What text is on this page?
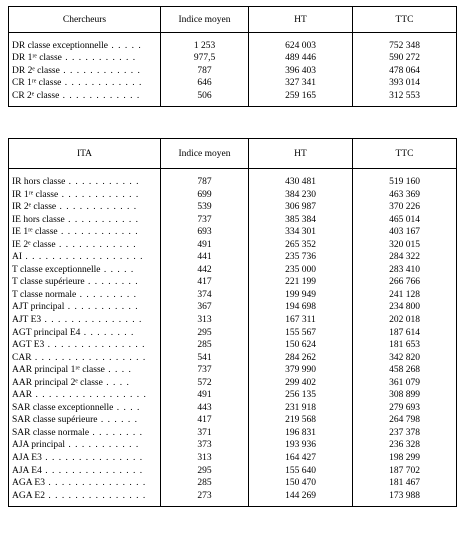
Chercheurs	Indice moyen	HT	TTC
DR classe exceptionnelle . . . . .	1 253	624 003	752 348
DR 1ʳᵉ classe . . . . . . . . . . .	977,5	489 446	590 272
DR 2ᵉ classe . . . . . . . . . . . .	787	396 403	478 064
CR 1ʳᵉ classe . . . . . . . . . . . .	646	327 341	393 014
CR 2ᵉ classe . . . . . . . . . . . .	506	259 165	312 553
ITA	Indice moyen	HT	TTC
IR hors classe . . . . . . . . . . .	787	430 481	519 160
IR 1ʳᵉ classe . . . . . . . . . . . .	699	384 230	463 369
IR 2ᵉ classe . . . . . . . . . . . .	539	306 987	370 226
IE hors classe . . . . . . . . . . .	737	385 384	465 014
IE 1ʳᵉ classe . . . . . . . . . . . .	693	334 301	403 167
IE 2ᵉ classe . . . . . . . . . . . .	491	265 352	320 015
AI . . . . . . . . . . . . . . . . . .	441	235 736	284 322
T classe exceptionnelle . . . . .	442	235 000	283 410
T classe supérieure . . . . . . . .	417	221 199	266 766
T classe normale . . . . . . . . .	374	199 949	241 128
AJT principal . . . . . . . . . . .	367	194 698	234 800
AJT E3 . . . . . . . . . . . . . . .	313	167 311	202 018
AGT principal E4 . . . . . . . .	295	155 567	187 614
AGT E3 . . . . . . . . . . . . . . .	285	150 624	181 653
CAR . . . . . . . . . . . . . . . . .	541	284 262	342 820
AAR principal 1ʳᵉ classe . . . .	737	379 990	458 268
AAR principal 2ᵉ classe . . . .	572	299 402	361 079
AAR . . . . . . . . . . . . . . . . .	491	256 135	308 899
SAR classe exceptionnelle . . . .	443	231 918	279 693
SAR classe supérieure . . . . . .	417	219 568	264 798
SAR classe normale . . . . . . . .	371	196 831	237 378
AJA principal . . . . . . . . . . .	373	193 936	236 328
AJA E3 . . . . . . . . . . . . . . .	313	164 427	198 299
AJA E4 . . . . . . . . . . . . . . .	295	155 640	187 702
AGA E3 . . . . . . . . . . . . . . .	285	150 470	181 467
AGA E2 . . . . . . . . . . . . . . .	273	144 269	173 988
